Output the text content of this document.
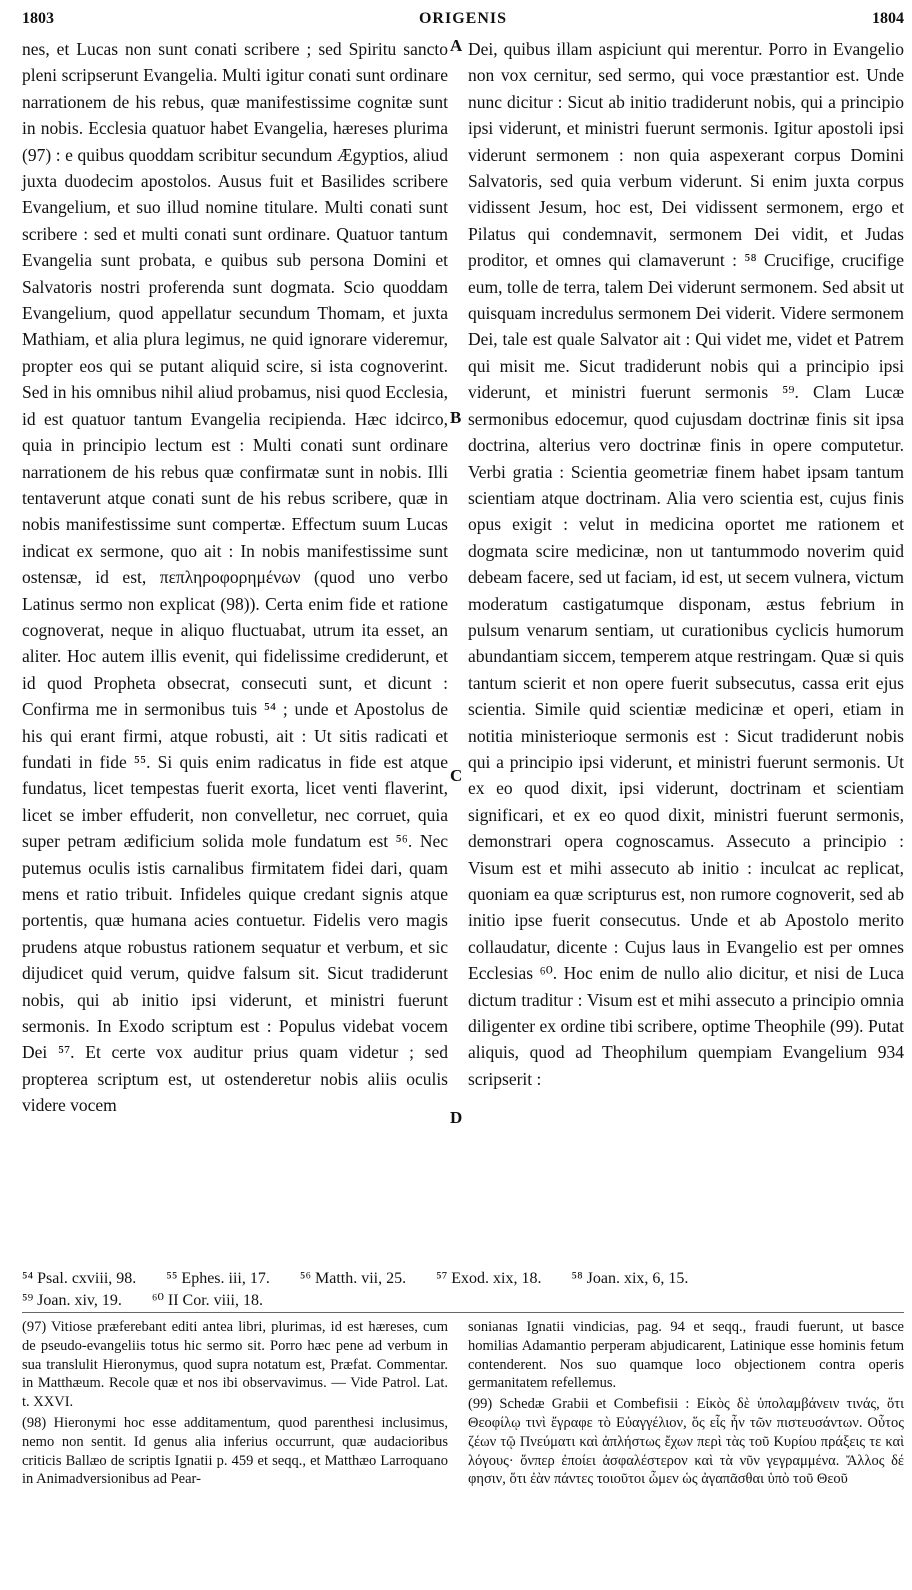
1803	ORIGENIS	1804

nes, et Lucas non sunt conati scribere ; sed Spiritu sancto pleni scripserunt Evangelia. Multi igitur conati sunt ordinare narrationem de his rebus, quæ manifestissime cognitæ sunt in nobis. Ecclesia quatuor habet Evangelia, hæreses plurima (97) : e quibus quoddam scribitur secundum Ægyptios, aliud juxta duodecim apostolos. Ausus fuit et Basilides scribere Evangelium, et suo illud nomine titulare. Multi conati sunt scribere : sed et multi conati sunt ordinare. Quatuor tantum Evangelia sunt probata, e quibus sub persona Domini et Salvatoris nostri proferenda sunt dogmata. Scio quoddam Evangelium, quod appellatur secundum Thomam, et juxta Mathiam, et alia plura legimus, ne quid ignorare videremur, propter eos qui se putant aliquid scire, si ista cognoverint. Sed in his omnibus nihil aliud probamus, nisi quod Ecclesia, id est quatuor tantum Evangelia recipienda. Hæc idcirco, quia in principio lectum est : Multi conati sunt ordinare narrationem de his rebus quæ confirmatæ sunt in nobis. Illi tentaverunt atque conati sunt de his rebus scribere, quæ in nobis manifestissime sunt compertæ. Effectum suum Lucas indicat ex sermone, quo ait : In nobis manifestissime sunt ostensæ, id est, πεπληροφορημένων (quod uno verbo Latinus sermo non explicat (98)). Certa enim fide et ratione cognoverat, neque in aliquo fluctuabat, utrum ita esset, an aliter. Hoc autem illis evenit, qui fidelissime crediderunt, et id quod Propheta obsecrat, consecuti sunt, et dicunt : Confirma me in sermonibus tuis ⁵⁴ ; unde et Apostolus de his qui erant firmi, atque robusti, ait : Ut sitis radicati et fundati in fide ⁵⁵. Si quis enim radicatus in fide est atque fundatus, licet tempestas fuerit exorta, licet venti flaverint, licet se imber effuderit, non convelletur, nec corruet, quia super petram ædificium solida mole fundatum est ⁵⁶. Nec putemus oculis istis carnalibus firmitatem fidei dari, quam mens et ratio tribuit. Infideles quique credant signis atque portentis, quæ humana acies contuetur. Fidelis vero magis prudens atque robustus rationem sequatur et verbum, et sic dijudicet quid verum, quidve falsum sit. Sicut tradiderunt nobis, qui ab initio ipsi viderunt, et ministri fuerunt sermonis. In Exodo scriptum est : Populus videbat vocem Dei ⁵⁷. Et certe vox auditur prius quam videtur ; sed propterea scriptum est, ut ostenderetur nobis aliis oculis videre vocem

A
B
C
D

Dei, quibus illam aspiciunt qui merentur. Porro in Evangelio non vox cernitur, sed sermo, qui voce præstantior est. Unde nunc dicitur : Sicut ab initio tradiderunt nobis, qui a principio ipsi viderunt, et ministri fuerunt sermonis. Igitur apostoli ipsi viderunt sermonem : non quia aspexerant corpus Domini Salvatoris, sed quia verbum viderunt. Si enim juxta corpus vidissent Jesum, hoc est, Dei vidissent sermonem, ergo et Pilatus qui condemnavit, sermonem Dei vidit, et Judas proditor, et omnes qui clamaverunt : ⁵⁸ Crucifige, crucifige eum, tolle de terra, talem Dei viderunt sermonem. Sed absit ut quisquam incredulus sermonem Dei viderit. Videre sermonem Dei, tale est quale Salvator ait : Qui videt me, videt et Patrem qui misit me. Sicut tradiderunt nobis qui a principio ipsi viderunt, et ministri fuerunt sermonis ⁵⁹. Clam Lucæ sermonibus edocemur, quod cujusdam doctrinæ finis sit ipsa doctrina, alterius vero doctrinæ finis in opere computetur. Verbi gratia : Scientia geometriæ finem habet ipsam tantum scientiam atque doctrinam. Alia vero scientia est, cujus finis opus exigit : velut in medicina oportet me rationem et dogmata scire medicinæ, non ut tantummodo noverim quid debeam facere, sed ut faciam, id est, ut secem vulnera, victum moderatum castigatumque disponam, æstus febrium in pulsum venarum sentiam, ut curationibus cyclicis humorum abundantiam siccem, temperem atque restringam. Quæ si quis tantum scierit et non opere fuerit subsecutus, cassa erit ejus scientia. Simile quid scientiæ medicinæ et operi, etiam in notitia ministerioque sermonis est : Sicut tradiderunt nobis qui a principio ipsi viderunt, et ministri fuerunt sermonis. Ut ex eo quod dixit, ipsi viderunt, doctrinam et scientiam significari, et ex eo quod dixit, ministri fuerunt sermonis, demonstrari opera cognoscamus. Assecuto a principio : Visum est et mihi assecuto ab initio : inculcat ac replicat, quoniam ea quæ scripturus est, non rumore cognoverit, sed ab initio ipse fuerit consecutus. Unde et ab Apostolo merito collaudatur, dicente : Cujus laus in Evangelio est per omnes Ecclesias ⁶⁰. Hoc enim de nullo alio dicitur, et nisi de Luca dictum traditur : Visum est et mihi assecuto a principio omnia diligenter ex ordine tibi scribere, optime Theophile (99). Putat aliquis, quod ad Theophilum quempiam Evangelium 934 scripserit :

⁵⁴ Psal. cxviii, 98. ⁵⁵ Ephes. iii, 17. ⁵⁶ Matth. vii, 25. ⁵⁷ Exod. xix, 18. ⁵⁸ Joan. xix, 6, 15.
⁵⁹ Joan. xiv, 19. ⁶⁰ II Cor. viii, 18.

(97) Vitiose præferebant editi antea libri, plurimas, id est hæreses, cum de pseudo-evangeliis totus hic sermo sit. Porro hæc pene ad verbum in sua translulit Hieronymus, quod supra notatum est, Præfat. Commentar. in Matthæum. Recole quæ et nos ibi observavimus. — Vide Patrol. Lat. t. XXVI.

(98) Hieronymi hoc esse additamentum, quod parenthesi inclusimus, nemo non sentit. Id genus alia inferius occurrunt, quæ audacioribus criticis Ballæo de scriptis Ignatii p. 459 et seqq., et Matthæo Larroquano in Animadversionibus ad Pear-

sonianas Ignatii vindicias, pag. 94 et seqq., fraudi fuerunt, ut basce homilias Adamantio perperam abjudicarent, Latinique esse hominis fetum contenderent. Nos suo quamque loco objectionem contra operis germanitatem refellemus.

(99) Schedæ Grabii et Combefisii : Εἰκὸς δὲ ὑπολαμβάνειν τινάς, ὅτι Θεοφίλῳ τινὶ ἔγραφε τὸ Εὐαγγέλιον, ὅς εἷς ἦν τῶν πιστευσάντων. Οὗτος ζέων τῷ Πνεύματι καὶ ἀπλήστως ἔχων περὶ τὰς τοῦ Κυρίου πράξεις τε καὶ λόγους· ὅνπερ ἐποίει ἀσφαλέστερον καὶ τὰ νῦν γεγραμμένα. Ἄλλος δέ φησιν, ὅτι ἐὰν πάντες τοιοῦτοι ὦμεν ὡς ἀγαπᾶσθαι ὑπὸ τοῦ Θεοῦ
